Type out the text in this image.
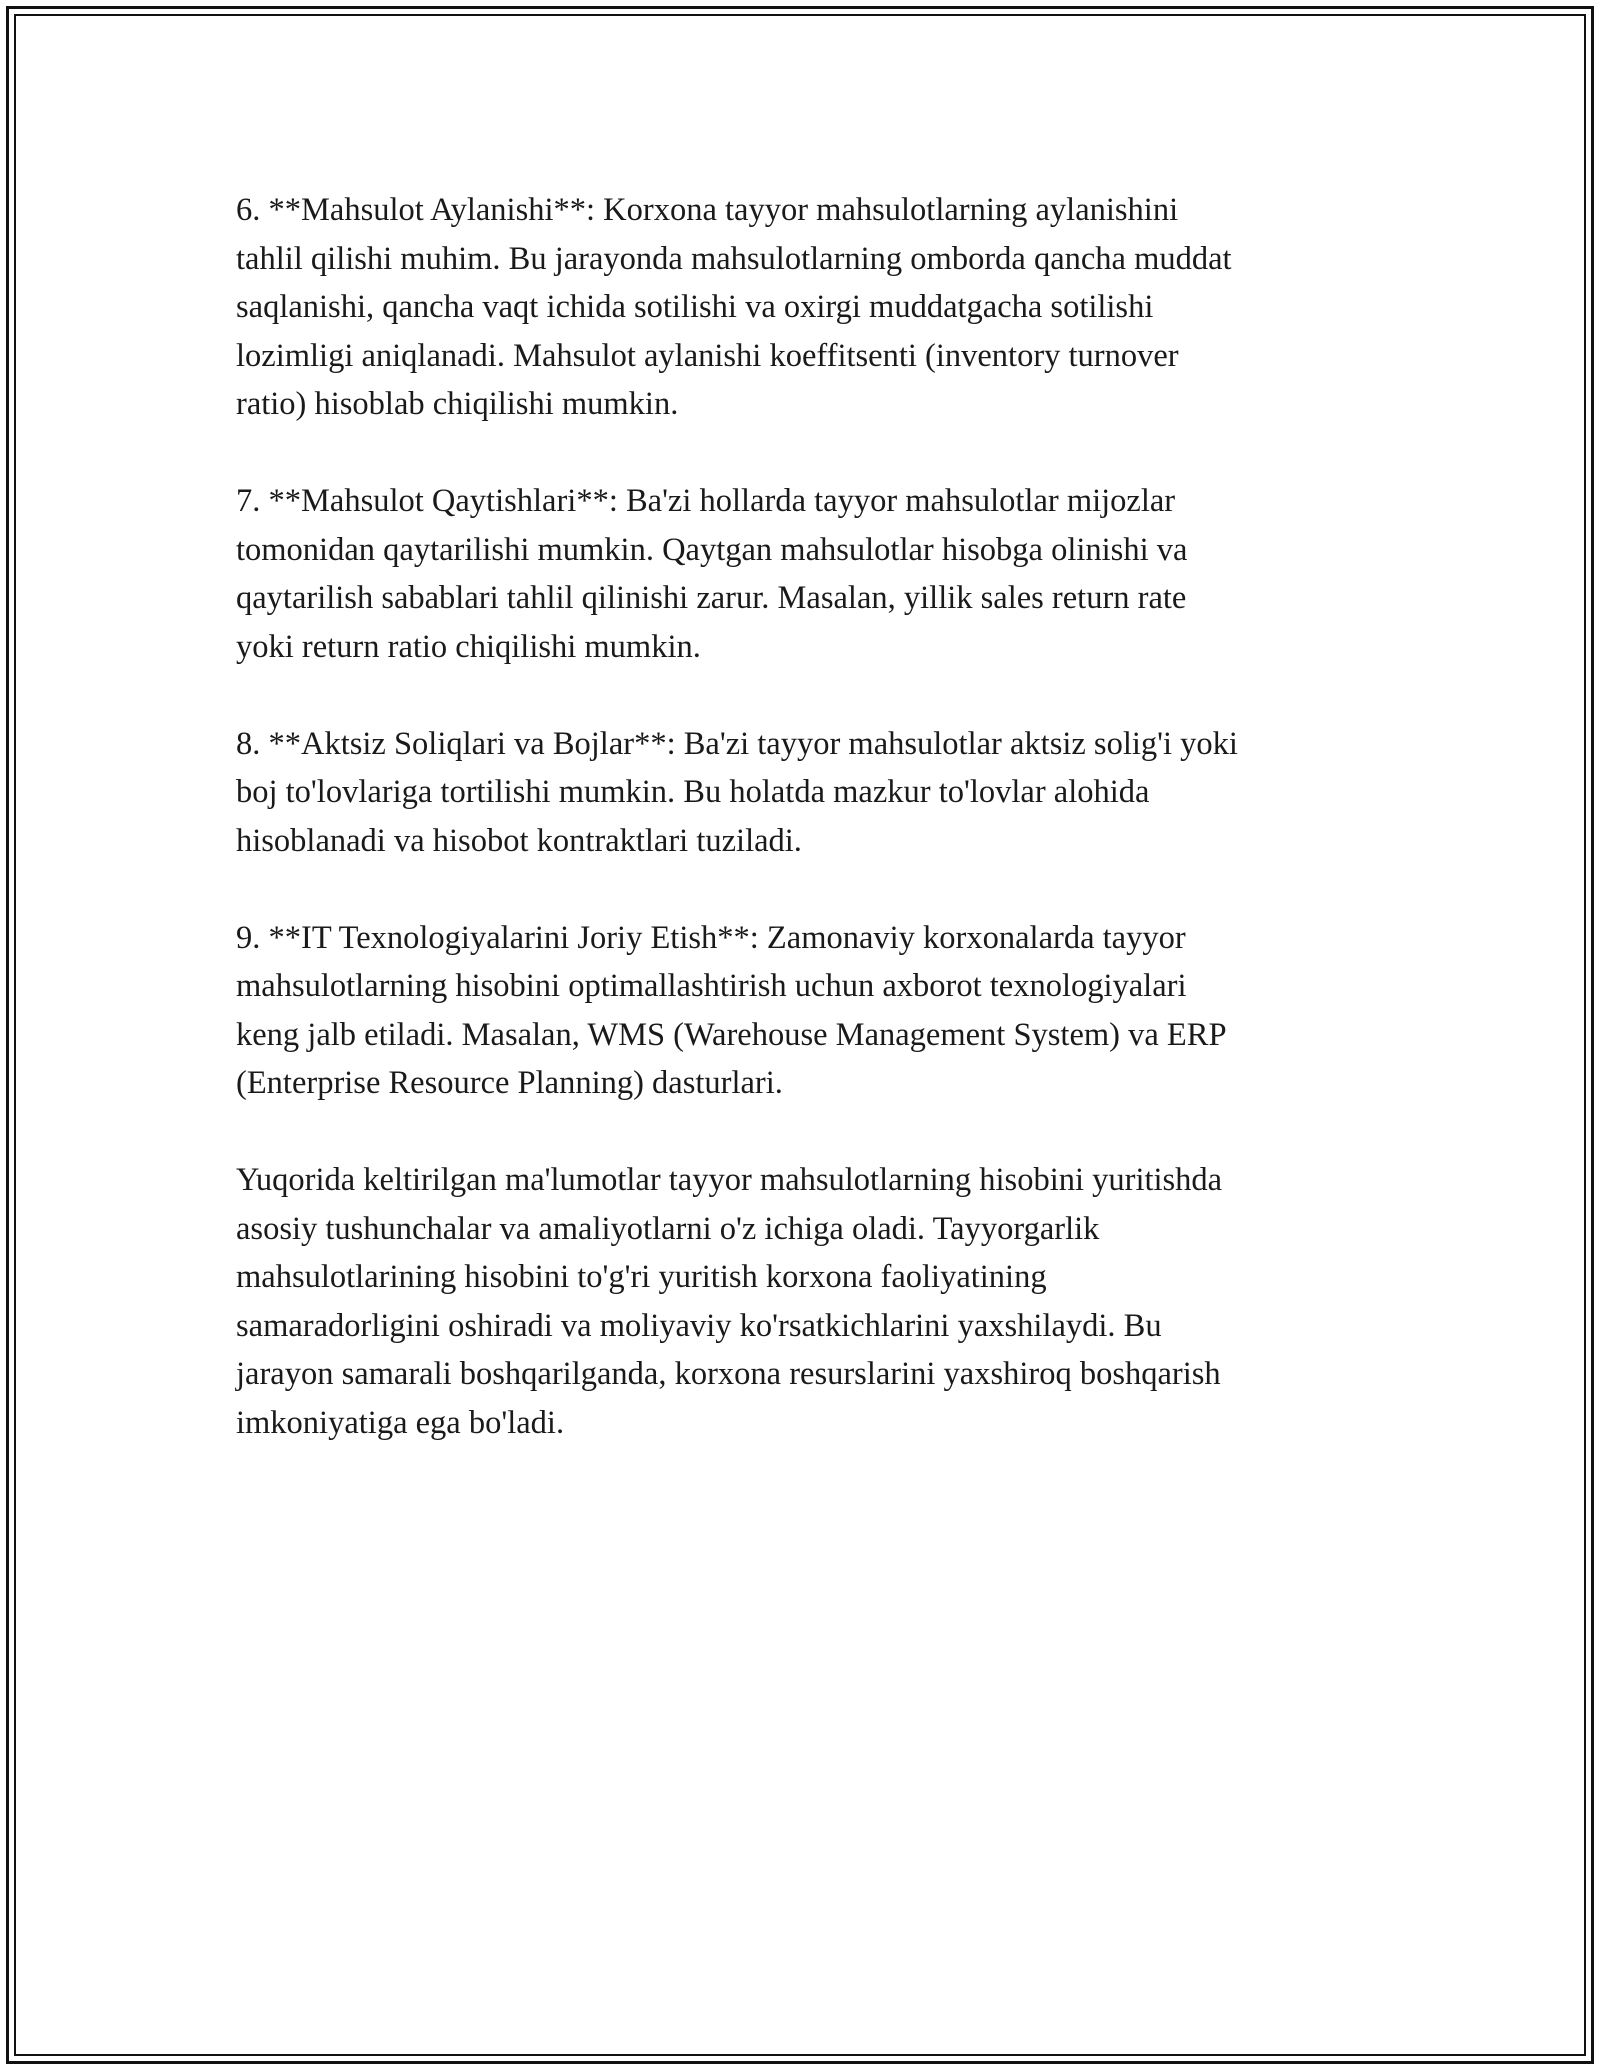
6. **Mahsulot Aylanishi**: Korxona tayyor mahsulotlarning aylanishini
tahlil qilishi muhim. Bu jarayonda mahsulotlarning omborda qancha muddat
saqlanishi, qancha vaqt ichida sotilishi va oxirgi muddatgacha sotilishi
lozimligi aniqlanadi. Mahsulot aylanishi koeffitsenti (inventory turnover
ratio) hisoblab chiqilishi mumkin.

7. **Mahsulot Qaytishlari**: Ba'zi hollarda tayyor mahsulotlar mijozlar
tomonidan qaytarilishi mumkin. Qaytgan mahsulotlar hisobga olinishi va
qaytarilish sabablari tahlil qilinishi zarur. Masalan, yillik sales return rate
yoki return ratio chiqilishi mumkin.

8. **Aktsiz Soliqlari va Bojlar**: Ba'zi tayyor mahsulotlar aktsiz solig'i yoki
boj to'lovlariga tortilishi mumkin. Bu holatda mazkur to'lovlar alohida
hisoblanadi va hisobot kontraktlari tuziladi.

9. **IT Texnologiyalarini Joriy Etish**: Zamonaviy korxonalarda tayyor
mahsulotlarning hisobini optimallashtirish uchun axborot texnologiyalari
keng jalb etiladi. Masalan, WMS (Warehouse Management System) va ERP
(Enterprise Resource Planning) dasturlari.

Yuqorida keltirilgan ma'lumotlar tayyor mahsulotlarning hisobini yuritishda
asosiy tushunchalar va amaliyotlarni o'z ichiga oladi. Tayyorgarlik
mahsulotlarining hisobini to'g'ri yuritish korxona faoliyatining
samaradorligini oshiradi va moliyaviy ko'rsatkichlarini yaxshilaydi. Bu
jarayon samarali boshqarilganda, korxona resurslarini yaxshiroq boshqarish
imkoniyatiga ega bo'ladi.
